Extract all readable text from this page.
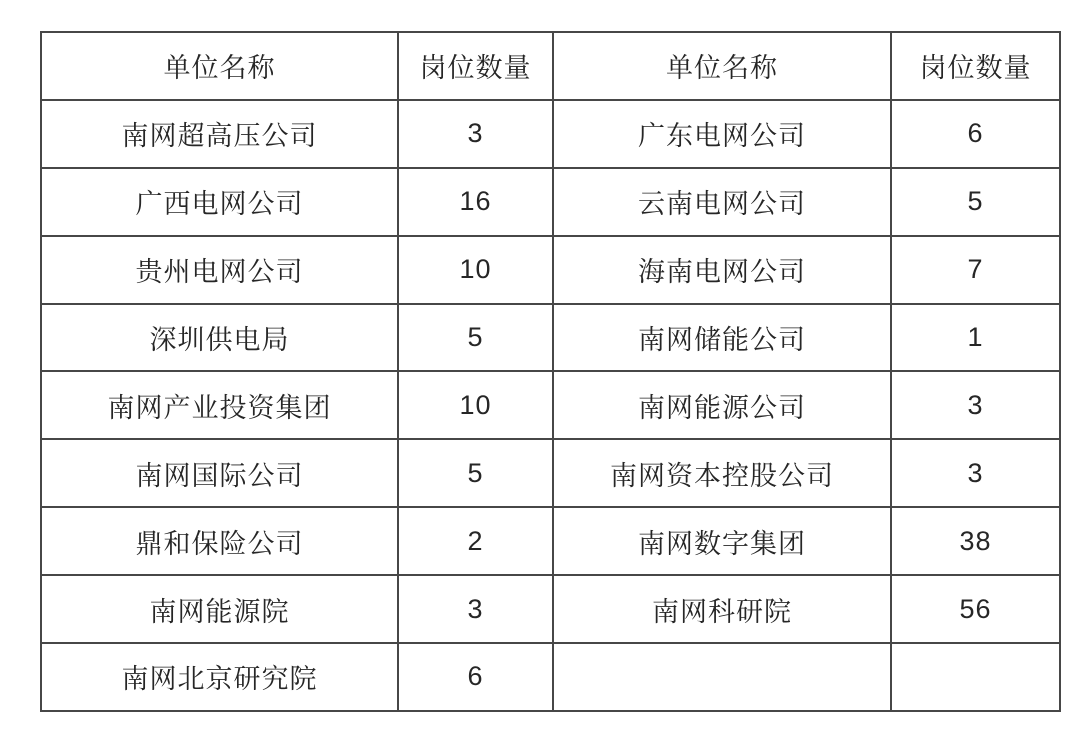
单位名称	岗位数量	单位名称	岗位数量
南网超高压公司	3	广东电网公司	6
广西电网公司	16	云南电网公司	5
贵州电网公司	10	海南电网公司	7
深圳供电局	5	南网储能公司	1
南网产业投资集团	10	南网能源公司	3
南网国际公司	5	南网资本控股公司	3
鼎和保险公司	2	南网数字集团	38
南网能源院	3	南网科研院	56
南网北京研究院	6		
